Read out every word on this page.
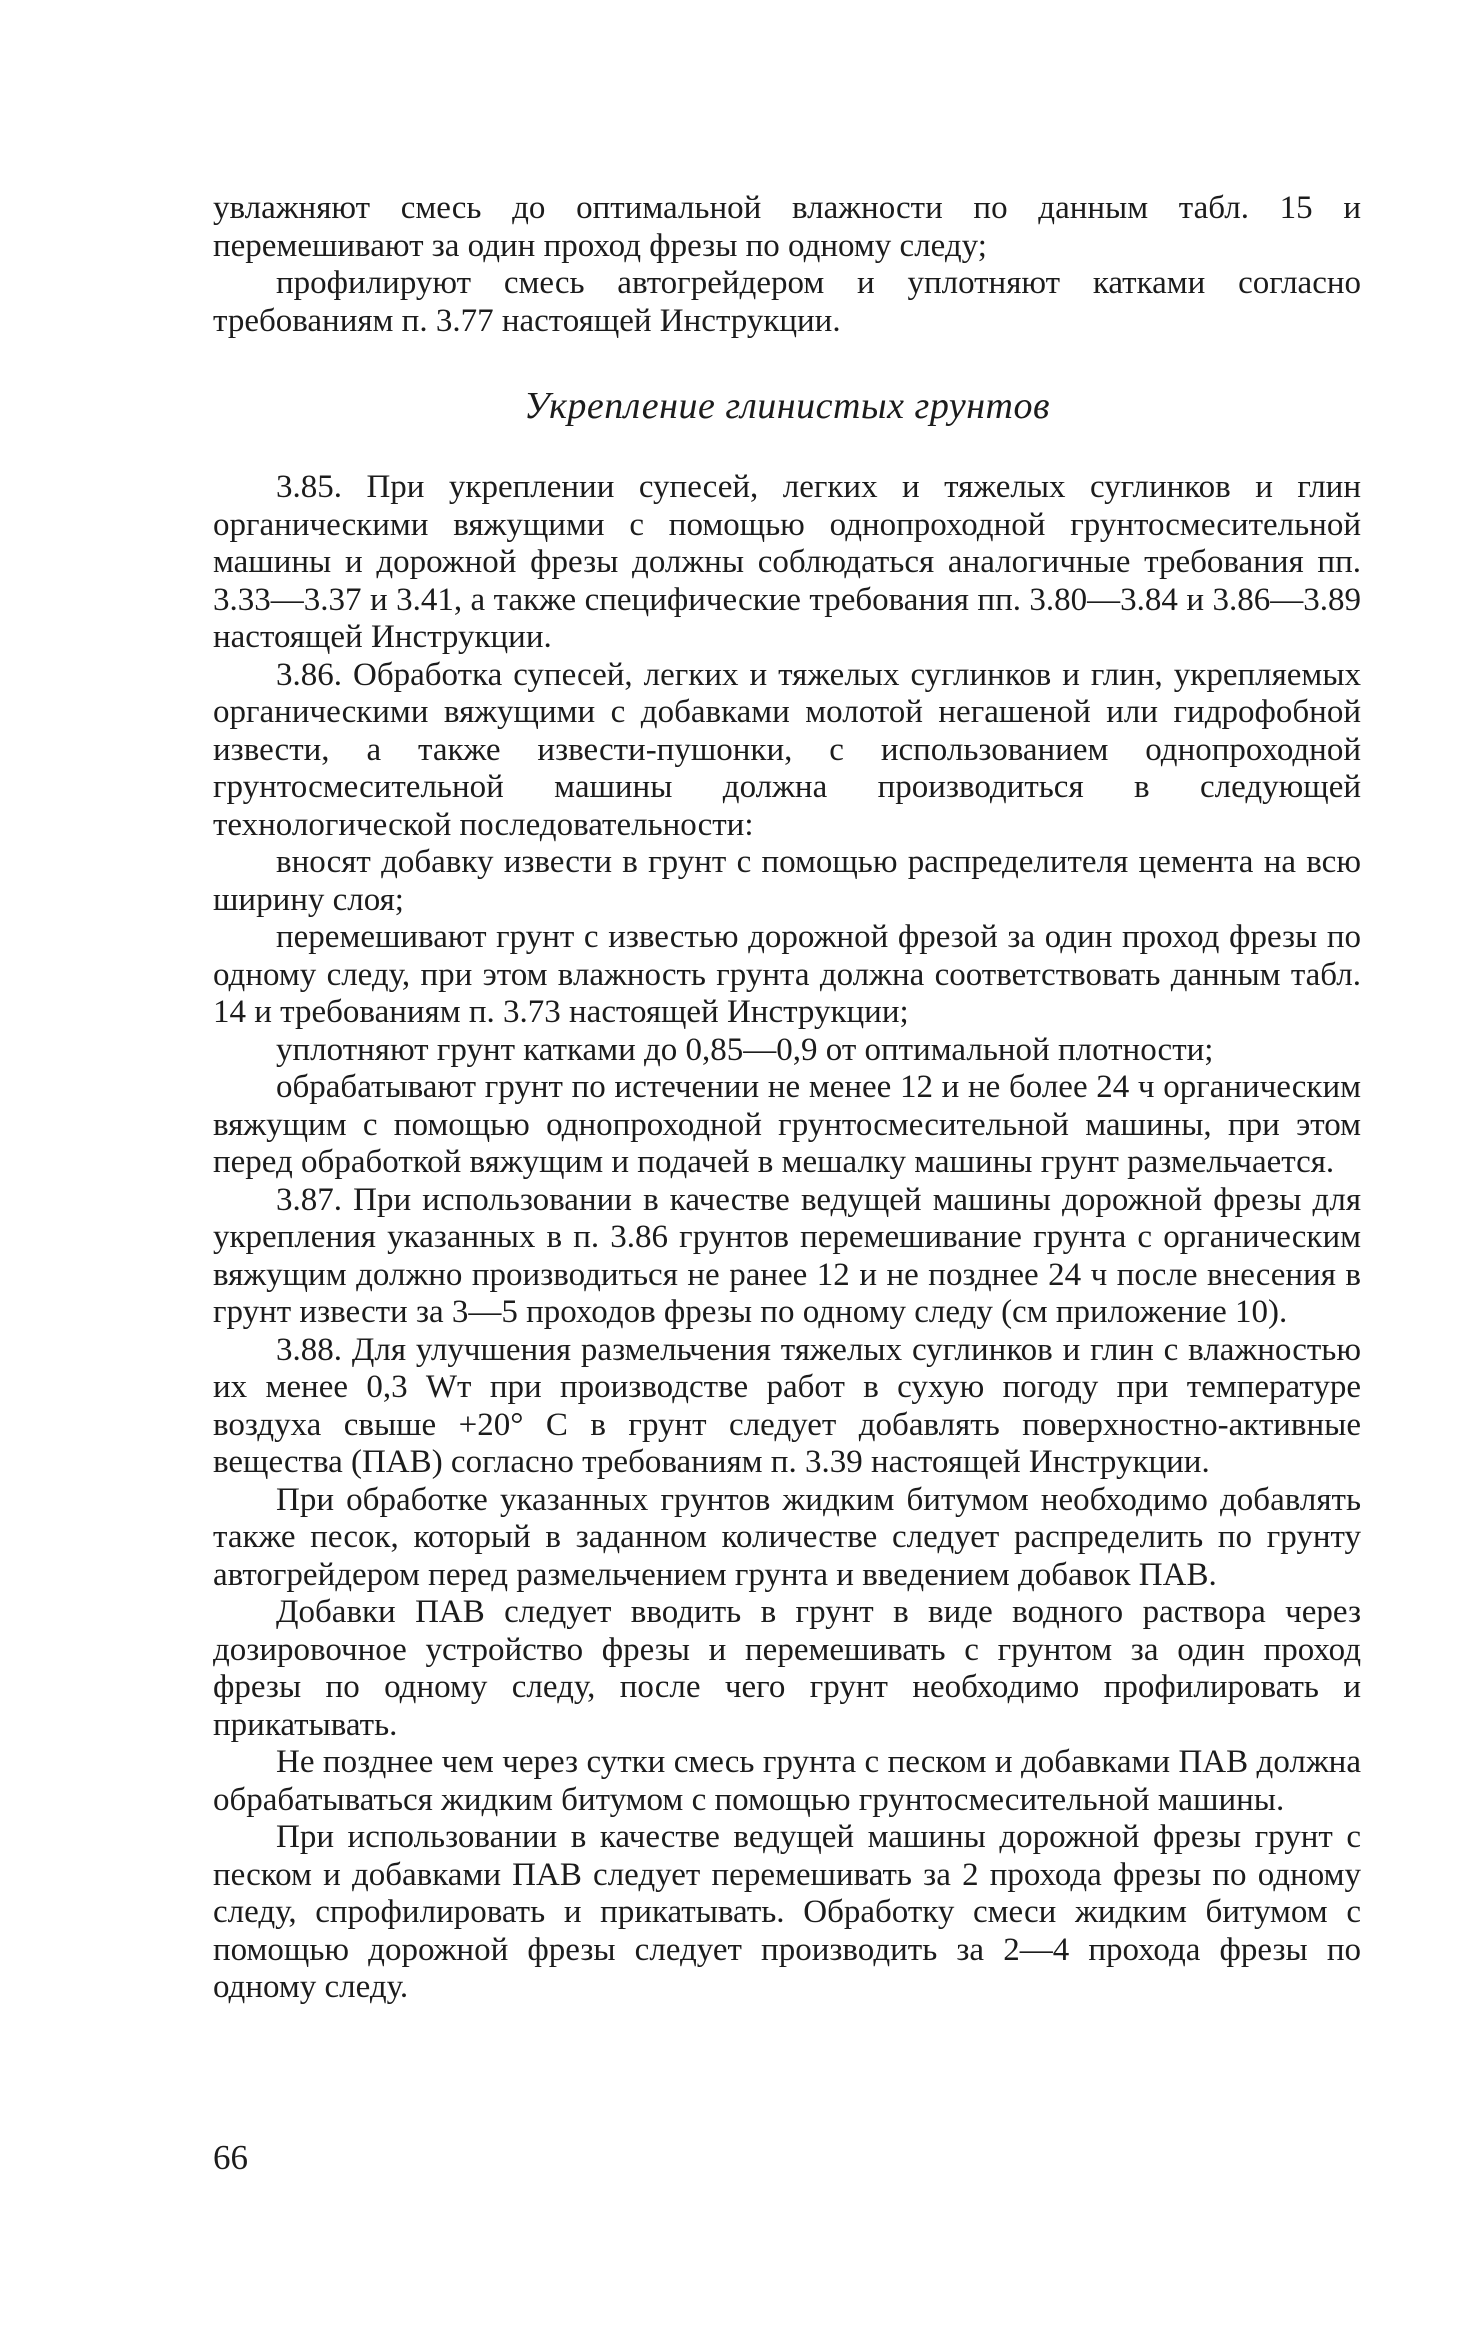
увлажняют смесь до оптимальной влажности по данным табл. 15 и перемешивают за один проход фрезы по одному следу;

профилируют смесь автогрейдером и уплотняют катками согласно требованиям п. 3.77 настоящей Инструкции.

Укрепление глинистых грунтов

3.85. При укреплении супесей, легких и тяжелых суглинков и глин органическими вяжущими с помощью однопроходной грунтосмесительной машины и дорожной фрезы должны соблюдаться аналогичные требования пп. 3.33—3.37 и 3.41, а также специфические требования пп. 3.80—3.84 и 3.86—3.89 настоящей Инструкции.

3.86. Обработка супесей, легких и тяжелых суглинков и глин, укрепляемых органическими вяжущими с добавками молотой негашеной или гидрофобной извести, а также извести-пушонки, с использованием однопроходной грунтосмесительной машины должна производиться в следующей технологической последовательности:

вносят добавку извести в грунт с помощью распределителя цемента на всю ширину слоя;

перемешивают грунт с известью дорожной фрезой за один проход фрезы по одному следу, при этом влажность грунта должна соответствовать данным табл. 14 и требованиям п. 3.73 настоящей Инструкции;

уплотняют грунт катками до 0,85—0,9 от оптимальной плотности;

обрабатывают грунт по истечении не менее 12 и не более 24 ч органическим вяжущим с помощью однопроходной грунтосмесительной машины, при этом перед обработкой вяжущим и подачей в мешалку машины грунт размельчается.

3.87. При использовании в качестве ведущей машины дорожной фрезы для укрепления указанных в п. 3.86 грунтов перемешивание грунта с органическим вяжущим должно производиться не ранее 12 и не позднее 24 ч после внесения в грунт извести за 3—5 проходов фрезы по одному следу (см приложение 10).

3.88. Для улучшения размельчения тяжелых суглинков и глин с влажностью их менее 0,3 Wт при производстве работ в сухую погоду при температуре воздуха свыше +20° С в грунт следует добавлять поверхностно-активные вещества (ПАВ) согласно требованиям п. 3.39 настоящей Инструкции.

При обработке указанных грунтов жидким битумом необходимо добавлять также песок, который в заданном количестве следует распределить по грунту автогрейдером перед размельчением грунта и введением добавок ПАВ.

Добавки ПАВ следует вводить в грунт в виде водного раствора через дозировочное устройство фрезы и перемешивать с грунтом за один проход фрезы по одному следу, после чего грунт необходимо профилировать и прикатывать.

Не позднее чем через сутки смесь грунта с песком и добавками ПАВ должна обрабатываться жидким битумом с помощью грунтосмесительной машины.

При использовании в качестве ведущей машины дорожной фрезы грунт с песком и добавками ПАВ следует перемешивать за 2 прохода фрезы по одному следу, спрофилировать и прикатывать. Обработку смеси жидким битумом с помощью дорожной фрезы следует производить за 2—4 прохода фрезы по одному следу.

66
